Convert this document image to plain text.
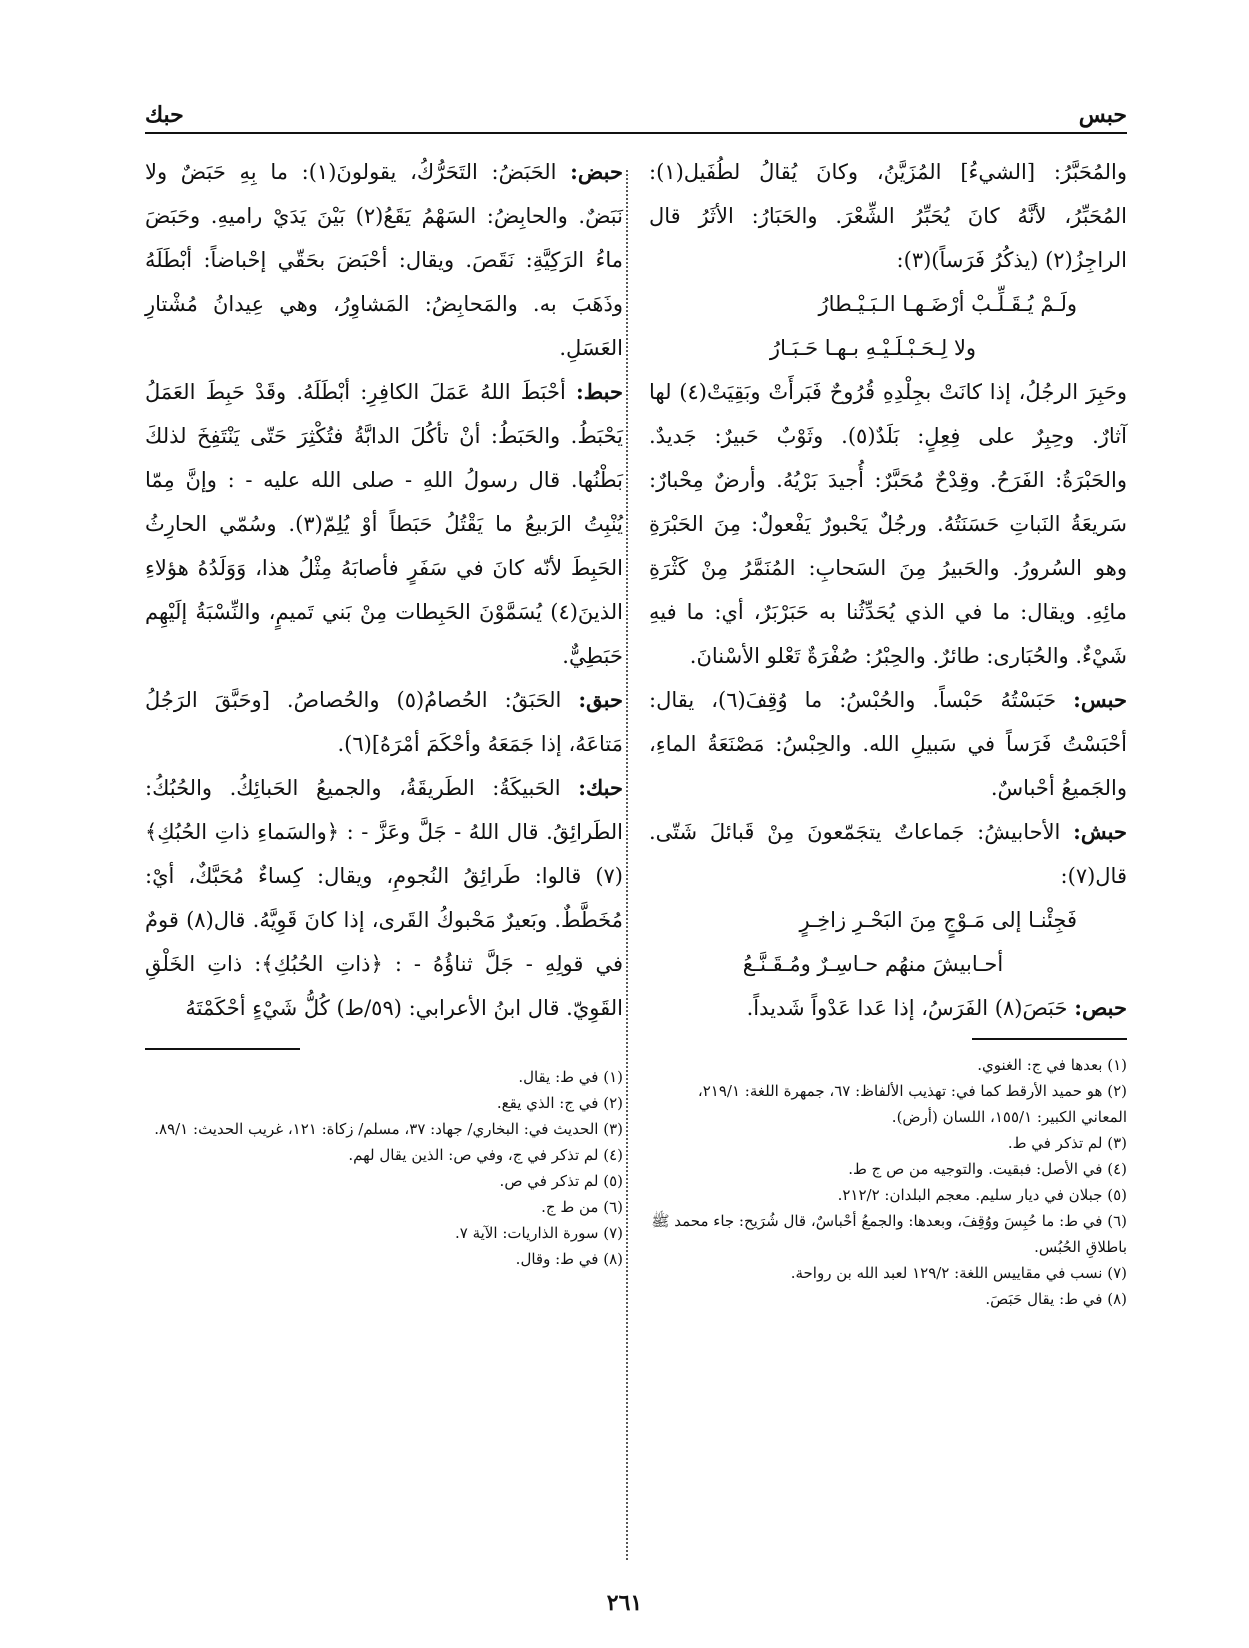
حبس
حبك

والمُحَبَّرُ: [الشيءُ] المُزَيَّنُ، وكانَ يُقالُ لطُفَيل(١): المُحَبِّرُ، لأنَّهُ كانَ يُحَبِّرُ الشِّعْرَ. والحَبَارُ: الأثَرُ قال الراجِزُ(٢) (يذكُرُ فَرَساً)(٣):

ولَـمْ يُـقَـلِّـبْ أرْضَـهـا الـبَـيْـطارُ
ولا لِـحَـبْـلَـيْـهِ بـهـا حَـبَـارُ

وحَبِرَ الرجُلُ، إذا كانَتْ بجِلْدِهِ قُرُوحٌ فَبَرأَتْ وبَقِيَتْ(٤) لها آثارٌ. وحِبِرٌ على فِعِلٍ: بَلَدٌ(٥). وثَوْبٌ حَبيرٌ: جَديدٌ. والحَبْرَةُ: الفَرَحُ. وقِدْحٌ مُحَبَّرٌ: أُجيدَ بَرْيُهُ. وأرضٌ مِحْبارٌ: سَريعَةُ النَباتِ حَسَنَتُهُ. ورجُلٌ يَحْبورٌ يَفْعولٌ: مِنَ الحَبْرَةِ وهو السُرورُ. والحَبيرُ مِنَ السَحابِ: المُنَمَّرُ مِنْ كَثْرَةِ مائِهِ. ويقال: ما في الذي يُحَدِّثُنا به حَبَرْبَرٌ، أي: ما فيهِ شَيْءٌ. والحُبَارى: طائرٌ. والحِبْرُ: صُفْرَةٌ تَعْلو الأسْنانَ.

حبس: حَبَسْتُهُ حَبْساً. والحُبْسُ: ما وُقِفَ(٦)، يقال: أحْبَسْتُ فَرَساً في سَبيلِ الله. والحِبْسُ: مَصْنَعَةُ الماءِ، والجَميعُ أحْباسٌ.

حبش: الأحابيشُ: جَماعاتٌ يتجَمّعونَ مِنْ قَبائلَ شَتّى. قال(٧):

فَجِئْنـا إلى مَـوْجٍ مِنَ البَحْـرِ زاخِـرٍ
أحـابيشَ منهُم حـاسِـرٌ ومُـقَـنَّـعُ

حبص: حَبَصَ(٨) الفَرَسُ، إذا عَدا عَدْواً شَديداً.

(١) بعدها في ج: الغنوي.

(٢) هو حميد الأرقط كما في: تهذيب الألفاظ: ٦٧، جمهرة اللغة: ٢١٩/١، المعاني الكبير: ١٥٥/١، اللسان (أرض).

(٣) لم تذكر في ط.

(٤) في الأصل: فبقيت. والتوجيه من ص ج ط.

(٥) جبلان في ديار سليم. معجم البلدان: ٢١٢/٢.

(٦) في ط: ما حُبِسَ ووُقِفَ، وبعدها: والجمعُ أحْباسٌ، قال شُرَيح: جاء محمد ﷺ باطلاقِ الحُبُس.

(٧) نسب في مقاييس اللغة: ١٢٩/٢ لعبد الله بن رواحة.

(٨) في ط: يقال حَبَصَ.

حبض: الحَبَضُ: التَحَرُّكُ، يقولونَ(١): ما بِهِ حَبَضٌ ولا نَبَضٌ. والحابِضُ: السَهْمُ يَقَعُ(٢) بَيْنَ يَدَيْ راميهِ. وحَبَضَ ماءُ الرَكِيَّةِ: نَقَصَ. ويقال: أحْبَضَ بحَقّي إحْباضاً: أبْطَلَهُ وذَهَبَ به. والمَحابِضُ: المَشاوِرُ، وهي عِيدانُ مُشْتارِ العَسَلِ.

حبط: أحْبَطَ اللهُ عَمَلَ الكافِرِ: أبْطَلَهُ. وقَدْ حَبِطَ العَمَلُ يَحْبَطُ. والحَبَطُ: أنْ تأكُلَ الدابَّةُ فتُكْثِرَ حَتّى يَنْتَفِخَ لذلكَ بَطْنُها. قال رسولُ اللهِ - صلى الله عليه - : وإنَّ مِمّا يُنْبِتُ الرَبيعُ ما يَقْتُلُ حَبَطاً أوْ يُلِمّ(٣). وسُمّي الحارِثُ الحَبِطَ لأنّه كانَ في سَفَرٍ فأصابَهُ مِثْلُ هذا، وَوَلَدُهُ هؤلاءِ الذينَ(٤) يُسَمَّوْنَ الحَبِطات مِنْ بَني تَميمٍ، والنِّسْبَةُ إلَيْهِم حَبَطِيٌّ.

حبق: الحَبَقُ: الحُصامُ(٥) والحُصاصُ. [وحَبَّقَ الرَجُلُ مَتاعَهُ، إذا جَمَعَهُ وأحْكَمَ أمْرَهُ](٦).

حبك: الحَبيكَةُ: الطَريقَةُ، والجميعُ الحَبائِكُ. والحُبُكُ: الطَرائِقُ. قال اللهُ - جَلَّ وعَزَّ - : ﴿والسَماءِ ذاتِ الحُبُكِ﴾(٧) قالوا: طَرائِقُ النُجومِ، ويقال: كِساءٌ مُحَبَّكٌ، أيْ: مُخَطَّطٌ. وبَعيرٌ مَحْبوكُ القَرى، إذا كانَ قَوِيَّهُ. قال(٨) قومٌ في قولِهِ - جَلَّ ثناؤُهُ - : ﴿ذاتِ الحُبُكِ﴾: ذاتِ الخَلْقِ القَوِيّ. قال ابنُ الأعرابي: (٥٩/ط) كُلُّ شَيْءٍ أحْكَمْتَهُ

(١) في ط: يقال.

(٢) في ج: الذي يقع.

(٣) الحديث في: البخاري/ جهاد: ٣٧، مسلم/ زكاة: ١٢١، غريب الحديث: ٨٩/١.

(٤) لم تذكر في ج، وفي ص: الذين يقال لهم.

(٥) لم تذكر في ص.

(٦) من ط ج.

(٧) سورة الذاريات: الآية ٧.

(٨) في ط: وقال.

٢٦١
